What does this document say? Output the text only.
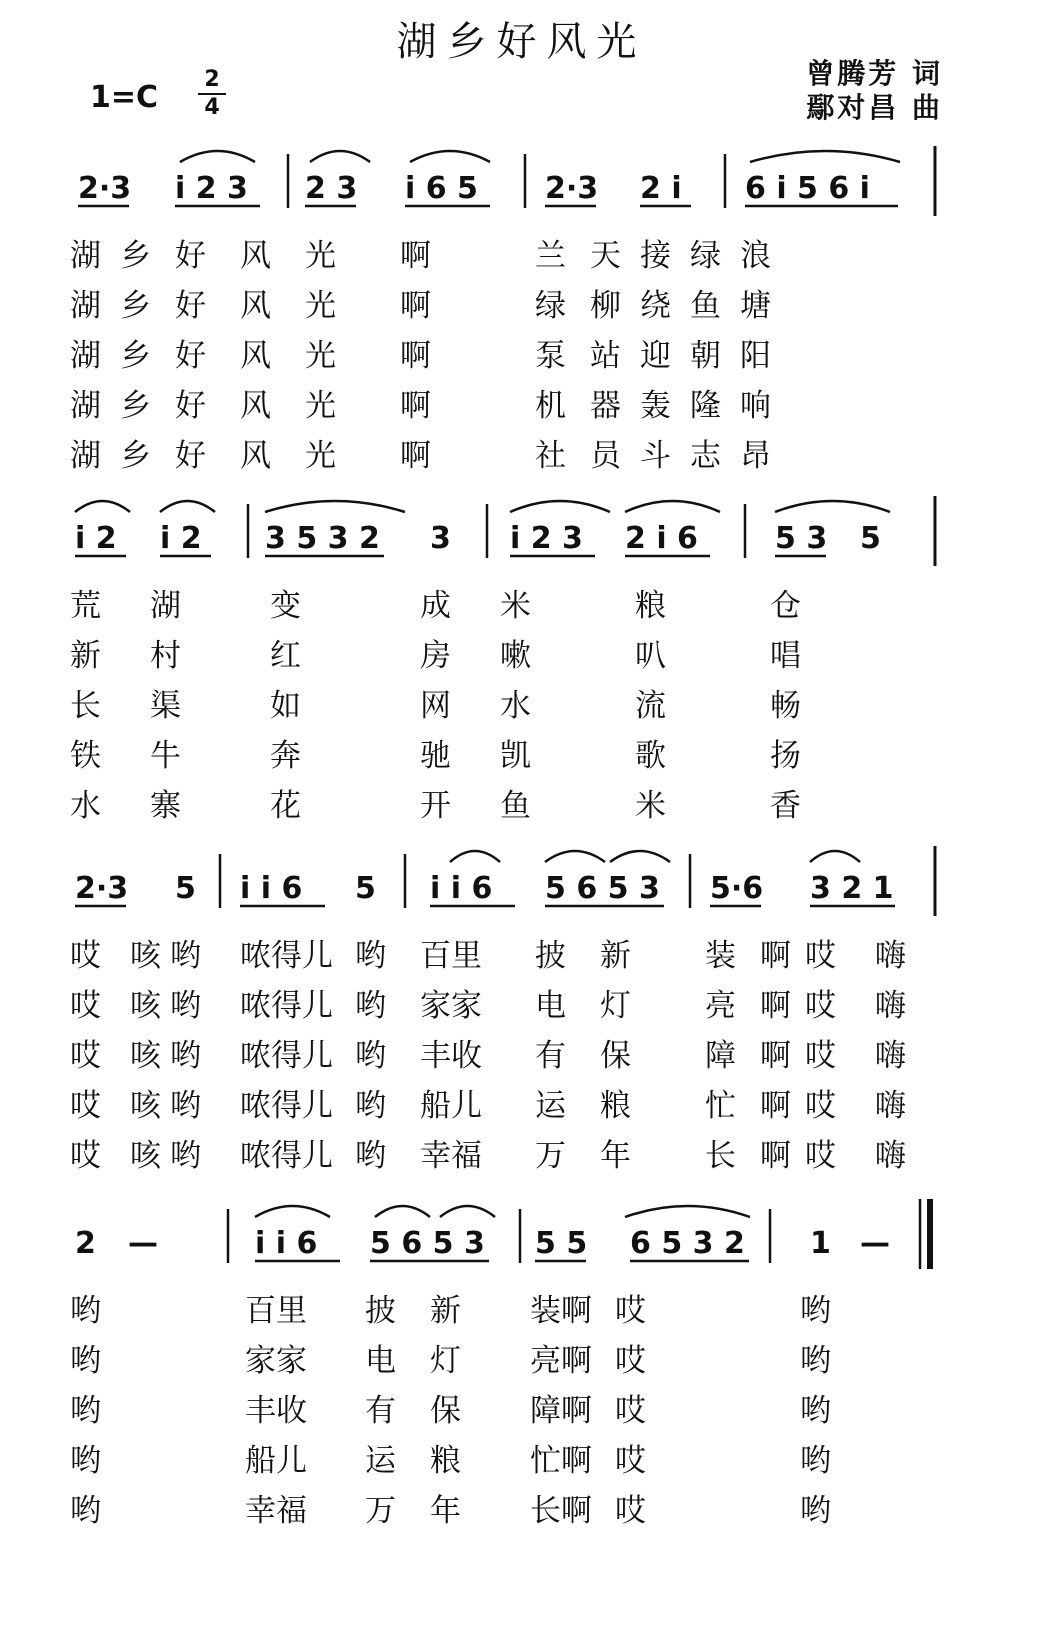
湖乡好风光
1=C
2
4
曾腾芳 词
鄢对昌 曲
2·3 i 2 3 2 3 i 6 5 2·3 2 i 6 i 5 6 i
湖 乡 好 风 光 啊	兰 天 接 绿 浪
湖 乡 好 风 光 啊	绿 柳 绕 鱼 塘
湖 乡 好 风 光 啊	泵 站 迎 朝 阳
湖 乡 好 风 光 啊	机 器 轰 隆 响
湖 乡 好 风 光 啊	社 员 斗 志 昂
i 2 i 2 3 5 3 2 3 i 2 3 2 i 6	5 3 5
荒 湖	变	成 米	粮	仓
新 村	红	房 嗽	叭	唱
长 渠	如	网 水	流	畅
铁 牛	奔	驰 凯	歌	扬
水 寨	花	开 鱼	米	香
2·3 5 i i 6 5 i i 6 5 6 5 3 5·6 3 2 1
哎 咳 哟 哝得儿 哟 百里 披 新 装 啊 哎 嗨
哎 咳 哟 哝得儿 哟 家家 电 灯 亮 啊 哎 嗨
哎 咳 哟 哝得儿 哟 丰收 有 保 障 啊 哎 嗨
哎 咳 哟 哝得儿 哟 船儿 运 粮 忙 啊 哎 嗨
哎 咳 哟 哝得儿 哟 幸福 万 年 长 啊 哎 嗨
2 —	i i 6 5 6 5 3 5 5 6 5 3 2 1 —
哟	百里 披 新 装啊 哎	哟
哟	家家 电 灯 亮啊 哎	哟
哟	丰收 有 保 障啊 哎	哟
哟	船儿 运 粮 忙啊 哎	哟
哟	幸福 万 年 长啊 哎	哟
